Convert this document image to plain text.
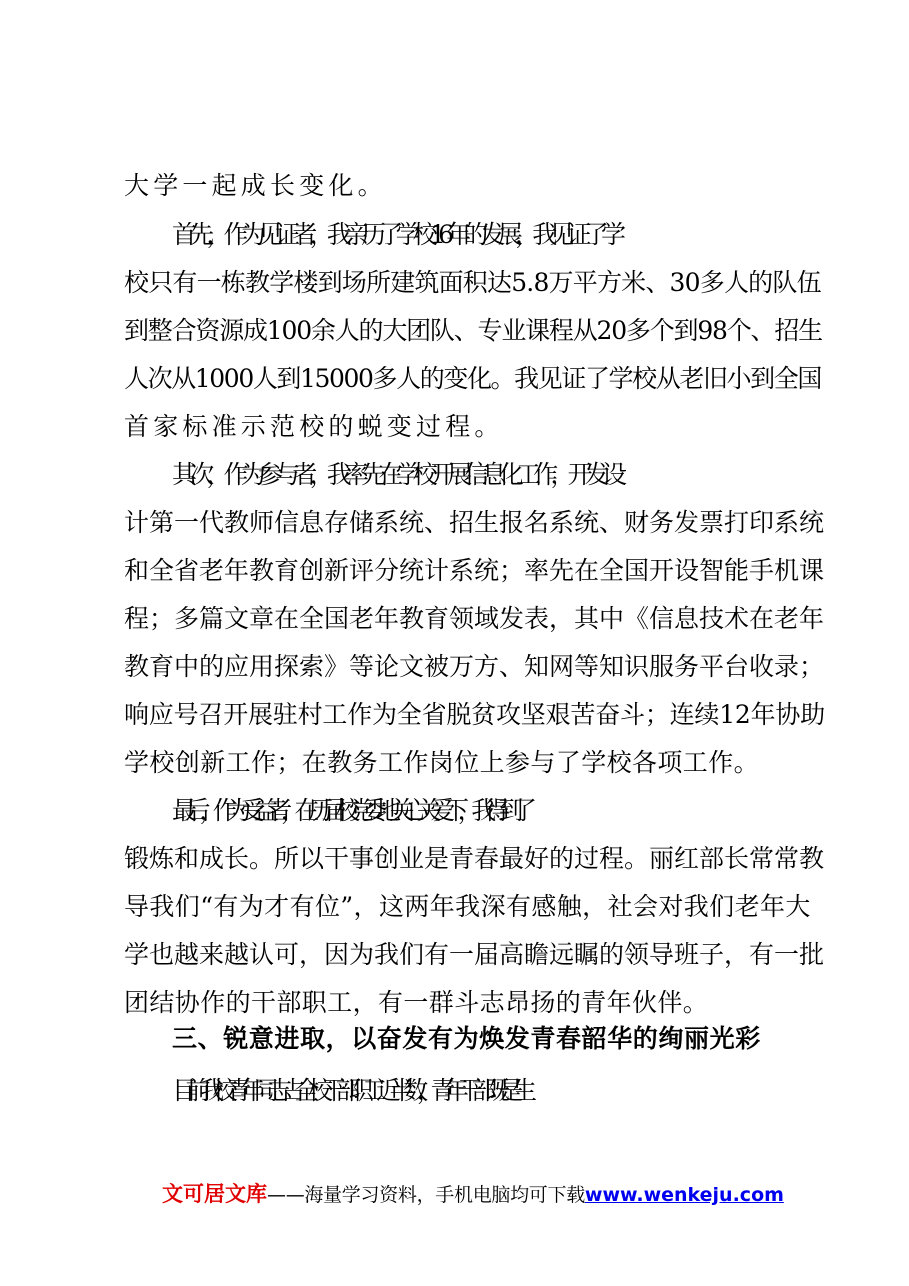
大学一起成长变化。
首先，作为见证者，我亲历了学校16年的发展，我见证了学
校只有一栋教学楼到场所建筑面积达5.8万平方米、30多人的队伍
到整合资源成100余人的大团队、专业课程从20多个到98个、招生
人次从1000人到15000多人的变化。我见证了学校从老旧小到全国
首家标准示范校的蜕变过程。
其次，作为参与者，我率先在学校开展信息化工作，开发设
计第一代教师信息存储系统、招生报名系统、财务发票打印系统
和全省老年教育创新评分统计系统；率先在全国开设智能手机课
程；多篇文章在全国老年教育领域发表，其中《信息技术在老年
教育中的应用探索》等论文被万方、知网等知识服务平台收录；
响应号召开展驻村工作为全省脱贫攻坚艰苦奋斗；连续12年协助
学校创新工作；在教务工作岗位上参与了学校各项工作。
最后，作为受益者，在历届校党委地关心关爱下，我得到了
锻炼和成长。所以干事创业是青春最好的过程。丽红部长常常教
导我们“有为才有位”，这两年我深有感触，社会对我们老年大
学也越来越认可，因为我们有一届高瞻远瞩的领导班子，有一批
团结协作的干部职工，有一群斗志昂扬的青年伙伴。
三、锐意进取，以奋发有为焕发青春韶华的绚丽光彩
目前我校青年同志占全校干部职工近半数，青年干部既是生
文可居文库——海量学习资料，手机电脑均可下载www.wenkeju.com
